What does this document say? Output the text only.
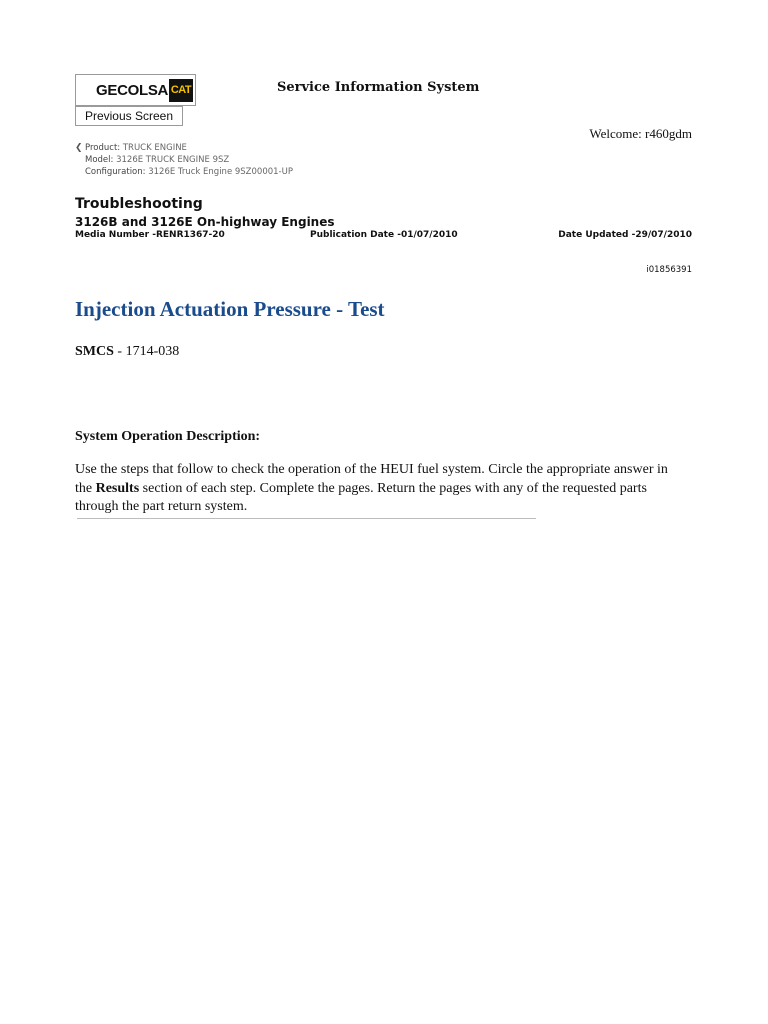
GECOLSA CAT
Previous Screen
Service Information System
Welcome: r460gdm
❮ Product: TRUCK ENGINE
Model: 3126E TRUCK ENGINE 9SZ
Configuration: 3126E Truck Engine 9SZ00001-UP
Troubleshooting
3126B and 3126E On-highway Engines
Media Number -RENR1367-20	Publication Date -01/07/2010	Date Updated -29/07/2010
i01856391
Injection Actuation Pressure - Test
SMCS - 1714-038
System Operation Description:
Use the steps that follow to check the operation of the HEUI fuel system. Circle the appropriate answer in the Results section of each step. Complete the pages. Return the pages with any of the requested parts through the part return system.
